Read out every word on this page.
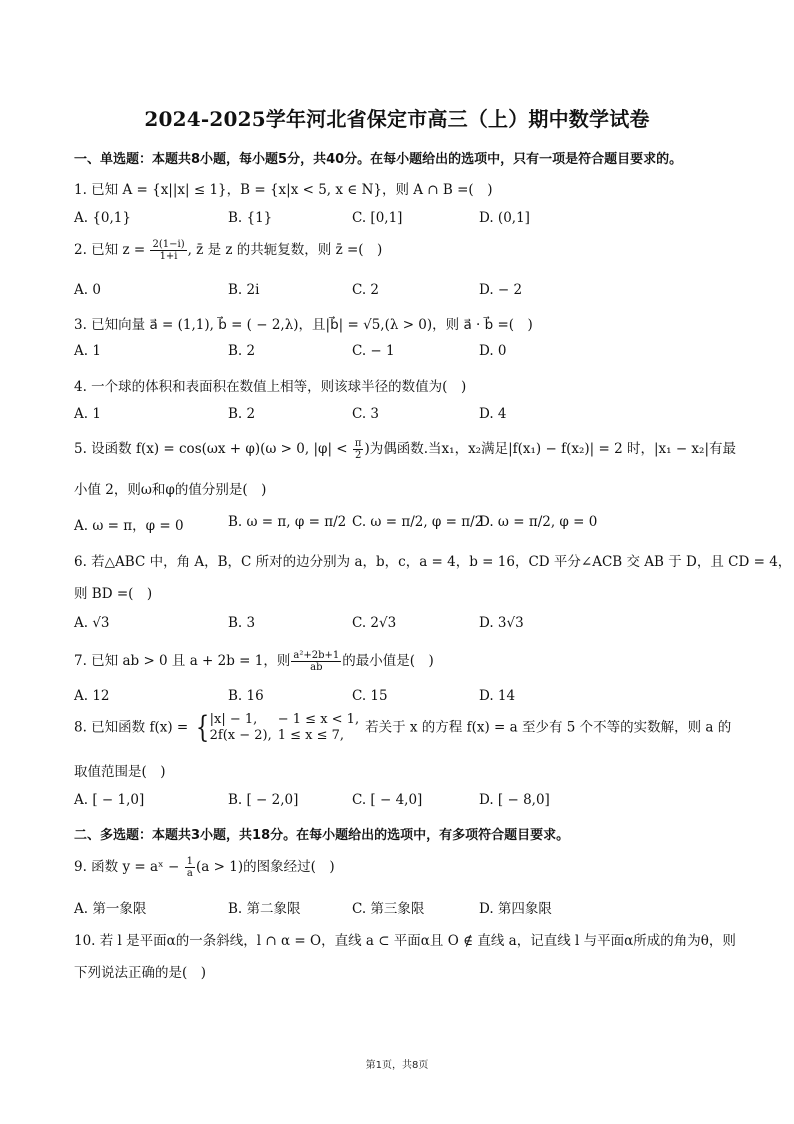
2024-2025学年河北省保定市高三（上）期中数学试卷
一、单选题：本题共8小题，每小题5分，共40分。在每小题给出的选项中，只有一项是符合题目要求的。
1. 已知 A = {x||x| ≤ 1}，B = {x|x < 5, x ∈ N}，则 A ∩ B =(　)
A. {0,1}	B. {1}	C. [0,1]	D. (0,1]
2. 已知 $z = \frac{2(1-i)}{1+i}$ , z̄ 是 z 的共轭复数，则 z̄ =(　)
A. 0	B. 2i	C. 2	D. − 2
3. 已知向量 a⃗ = (1,1), b⃗ = ( − 2,λ)，且|b⃗| = √5,(λ > 0)，则 a⃗ · b⃗ =(　)
A. 1	B. 2	C. − 1	D. 0
4. 一个球的体积和表面积在数值上相等，则该球半径的数值为(　)
A. 1	B. 2	C. 3	D. 4
5. 设函数 f(x) = cos(ωx + φ)(ω > 0, $|\varphi| < \frac{\pi}{2}$ )为偶函数.当x₁，x₂满足|f(x₁) − f(x₂)| = 2 时，|x₁ − x₂|有最
小值 2，则ω和φ的值分别是(　)
A. ω = π，φ = 0	B. ω = π, φ = π/2 C. ω = π/2, φ = π/2
D. ω = π/2, φ = 0
6. 若△ABC 中，角 A，B，C 所对的边分别为 a，b，c，a = 4，b = 16，CD 平分∠ACB 交 AB 于 D，且 CD = 4，
则 BD =(　)
A. √3	B. 3	C. 2√3	D. 3√3
7. 已知 ab > 0 且 a + 2b = 1，则 $\frac{\text{a²+2b+1}}{ab}$ 的最小值是(　)
A. 12	B. 16	C. 15	D. 14
8. 已知函数 f(x) = { |x| − 1,	− 1 ≤ x < 1,
2f(x − 2),	1 ≤ x ≤ 7, 若关于 x 的方程 f(x) = a 至少有 5 个不等的实数解，则 a 的
取值范围是(　)
A. [ − 1,0]	B. [ − 2,0]	C. [ − 4,0]	D. [ − 8,0]
二、多选题：本题共3小题，共18分。在每小题给出的选项中，有多项符合题目要求。
9. 函数 y = aˣ − $\frac{1}{a} (a > 1)$的图象经过(　)
A. 第一象限	B. 第二象限	C. 第三象限	D. 第四象限
10. 若 l 是平面α的一条斜线，l ∩ α = O，直线 a ⊂ 平面α且 O ∉ 直线 a，记直线 l 与平面α所成的角为θ，则
下列说法正确的是(　)
第1页，共8页
